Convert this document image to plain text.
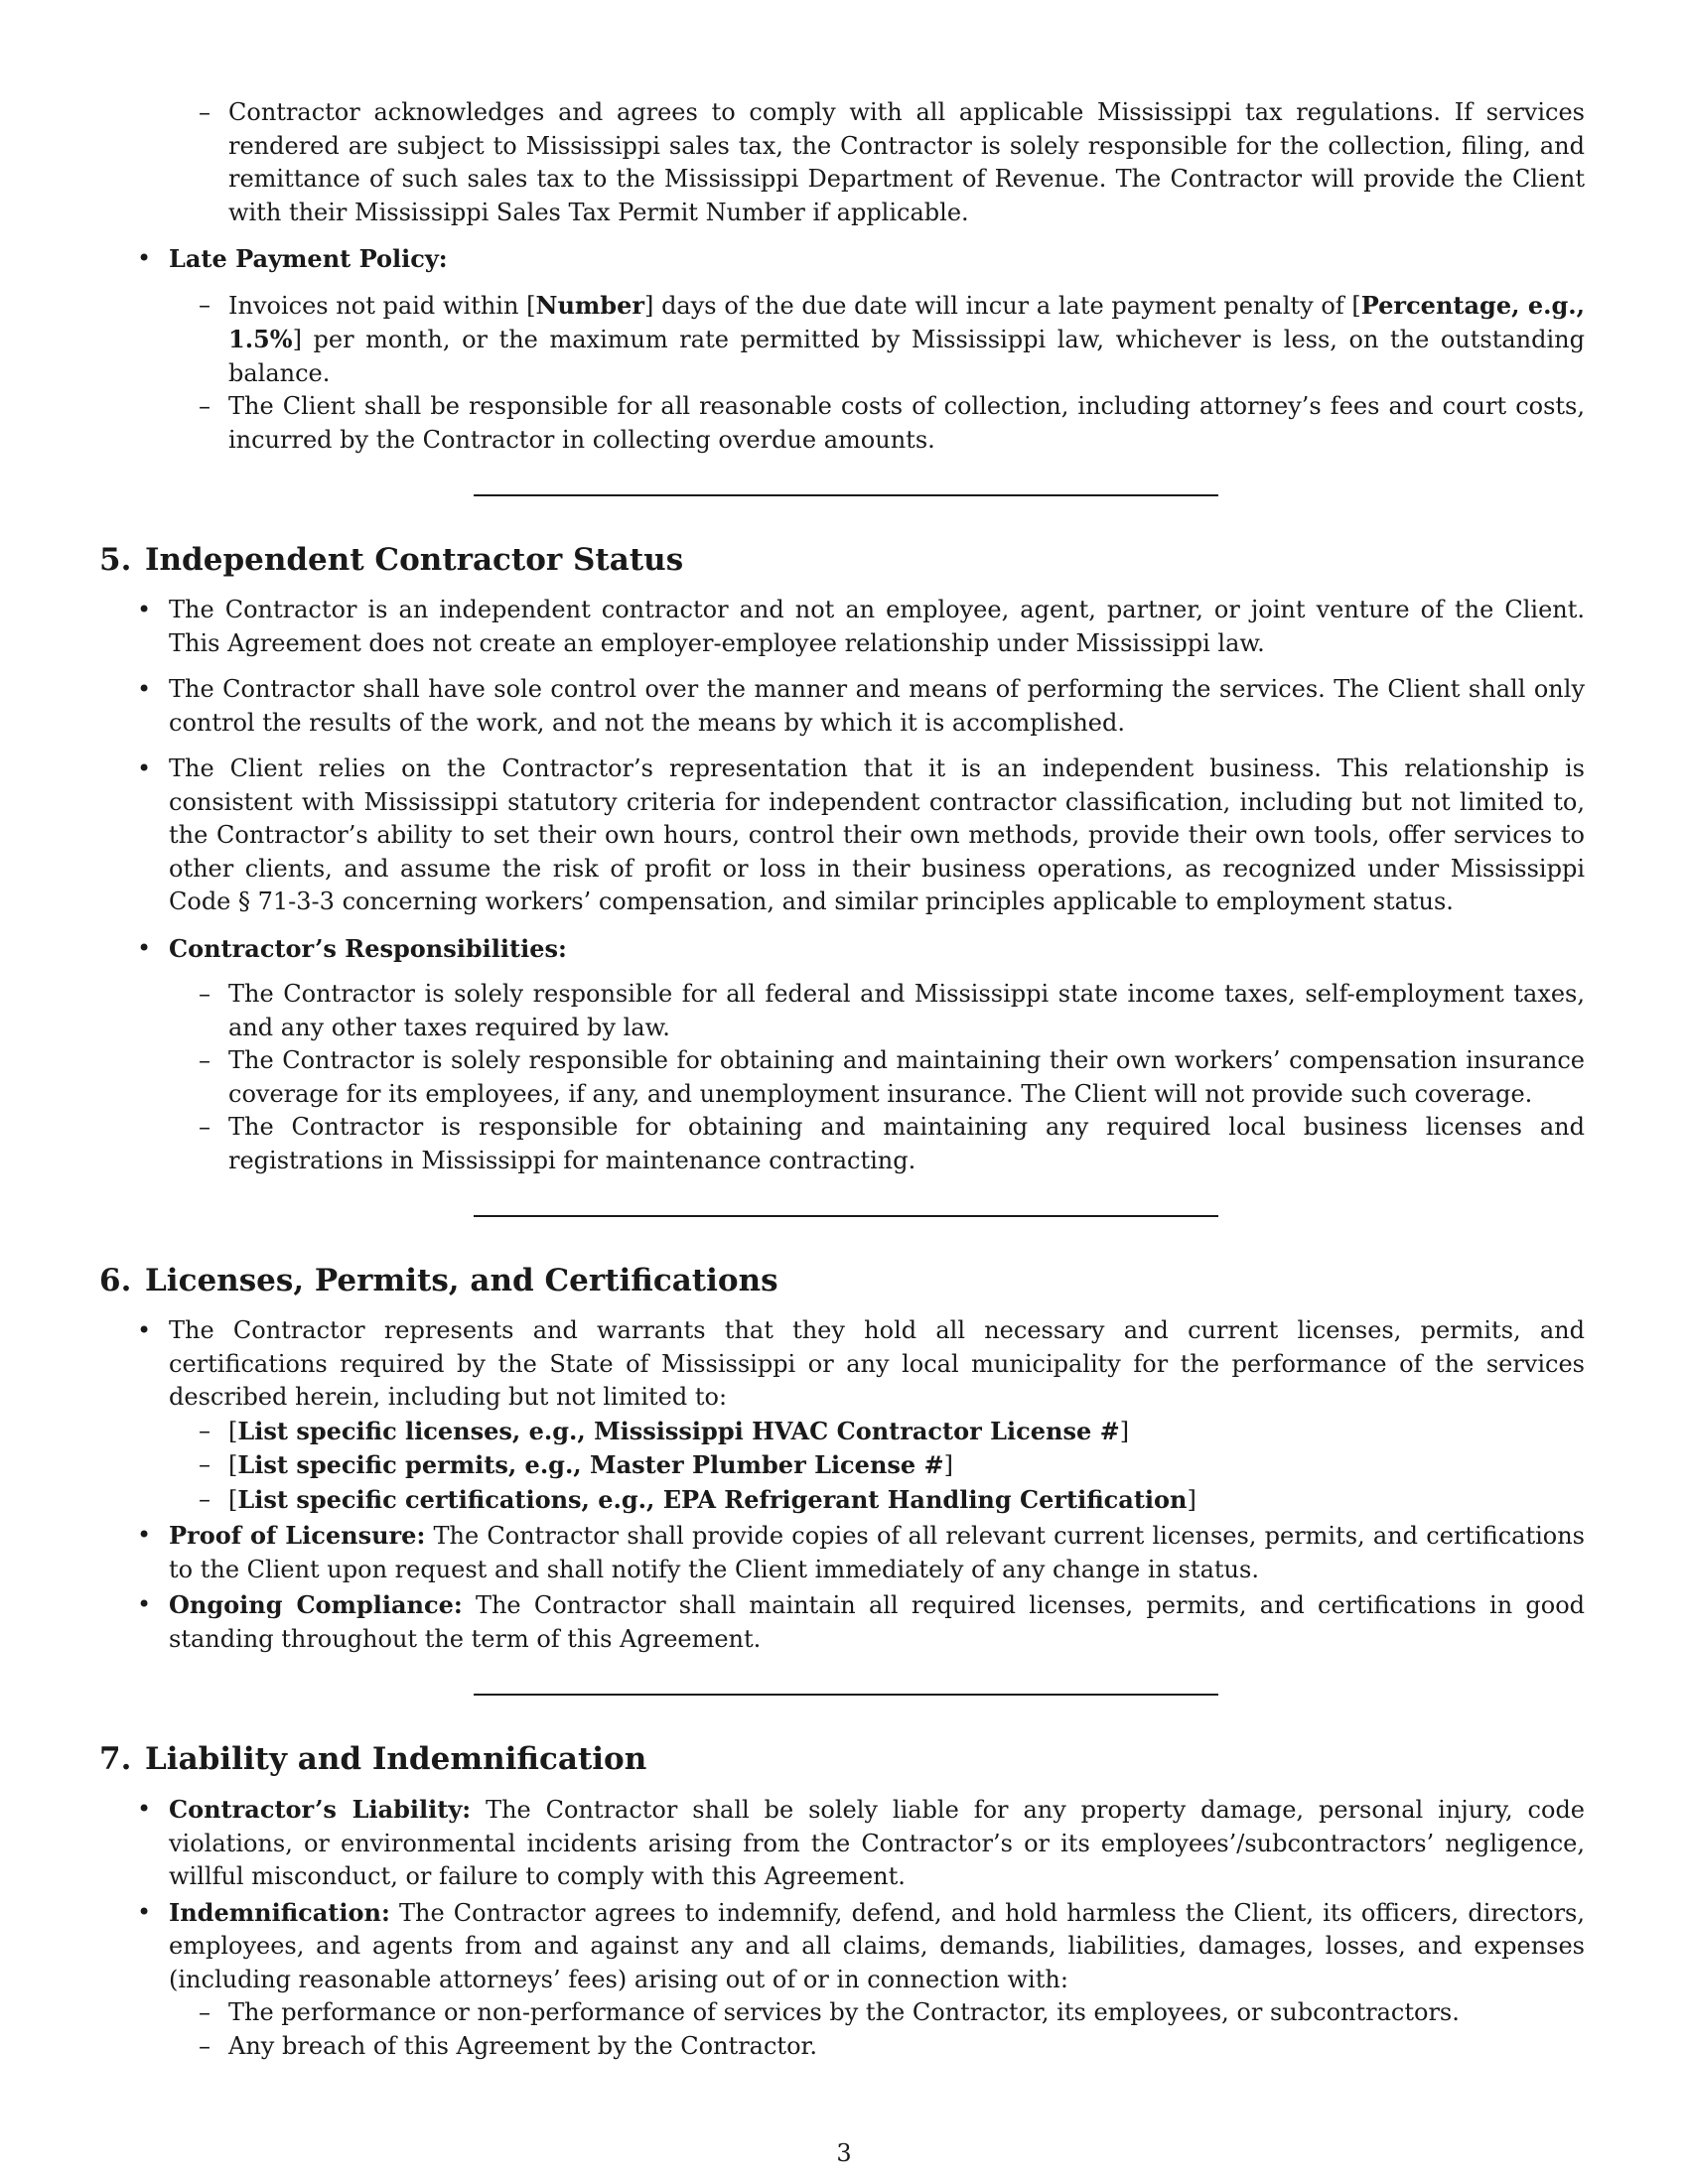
– Contractor acknowledges and agrees to comply with all applicable Mississippi tax regulations. If services rendered are subject to Mississippi sales tax, the Contractor is solely responsible for the collection, filing, and remittance of such sales tax to the Mississippi Department of Revenue. The Contractor will provide the Client with their Mississippi Sales Tax Permit Number if applicable.

• Late Payment Policy:

– Invoices not paid within [Number] days of the due date will incur a late payment penalty of [Percentage, e.g., 1.5%] per month, or the maximum rate permitted by Mississippi law, whichever is less, on the outstanding balance.

– The Client shall be responsible for all reasonable costs of collection, including attorney’s fees and court costs, incurred by the Contractor in collecting overdue amounts.

5. Independent Contractor Status

• The Contractor is an independent contractor and not an employee, agent, partner, or joint venture of the Client. This Agreement does not create an employer-employee relationship under Mississippi law.

• The Contractor shall have sole control over the manner and means of performing the services. The Client shall only control the results of the work, and not the means by which it is accomplished.

• The Client relies on the Contractor’s representation that it is an independent business. This relationship is consistent with Mississippi statutory criteria for independent contractor classification, including but not limited to, the Contractor’s ability to set their own hours, control their own methods, provide their own tools, offer services to other clients, and assume the risk of profit or loss in their business operations, as recognized under Mississippi Code § 71-3-3 concerning workers’ compensation, and similar principles applicable to employment status.

• Contractor’s Responsibilities:

– The Contractor is solely responsible for all federal and Mississippi state income taxes, self-employment taxes, and any other taxes required by law.

– The Contractor is solely responsible for obtaining and maintaining their own workers’ compensation insurance coverage for its employees, if any, and unemployment insurance. The Client will not provide such coverage.

– The Contractor is responsible for obtaining and maintaining any required local business licenses and registrations in Mississippi for maintenance contracting.

6. Licenses, Permits, and Certifications

• The Contractor represents and warrants that they hold all necessary and current licenses, permits, and certifications required by the State of Mississippi or any local municipality for the performance of the services described herein, including but not limited to:

– [List specific licenses, e.g., Mississippi HVAC Contractor License #]

– [List specific permits, e.g., Master Plumber License #]

– [List specific certifications, e.g., EPA Refrigerant Handling Certification]

• Proof of Licensure: The Contractor shall provide copies of all relevant current licenses, permits, and certifications to the Client upon request and shall notify the Client immediately of any change in status.

• Ongoing Compliance: The Contractor shall maintain all required licenses, permits, and certifications in good standing throughout the term of this Agreement.

7. Liability and Indemnification

• Contractor’s Liability: The Contractor shall be solely liable for any property damage, personal injury, code violations, or environmental incidents arising from the Contractor’s or its employees’/subcontractors’ negligence, willful misconduct, or failure to comply with this Agreement.

• Indemnification: The Contractor agrees to indemnify, defend, and hold harmless the Client, its officers, directors, employees, and agents from and against any and all claims, demands, liabilities, damages, losses, and expenses (including reasonable attorneys’ fees) arising out of or in connection with:

– The performance or non-performance of services by the Contractor, its employees, or subcontractors.

– Any breach of this Agreement by the Contractor.

3
